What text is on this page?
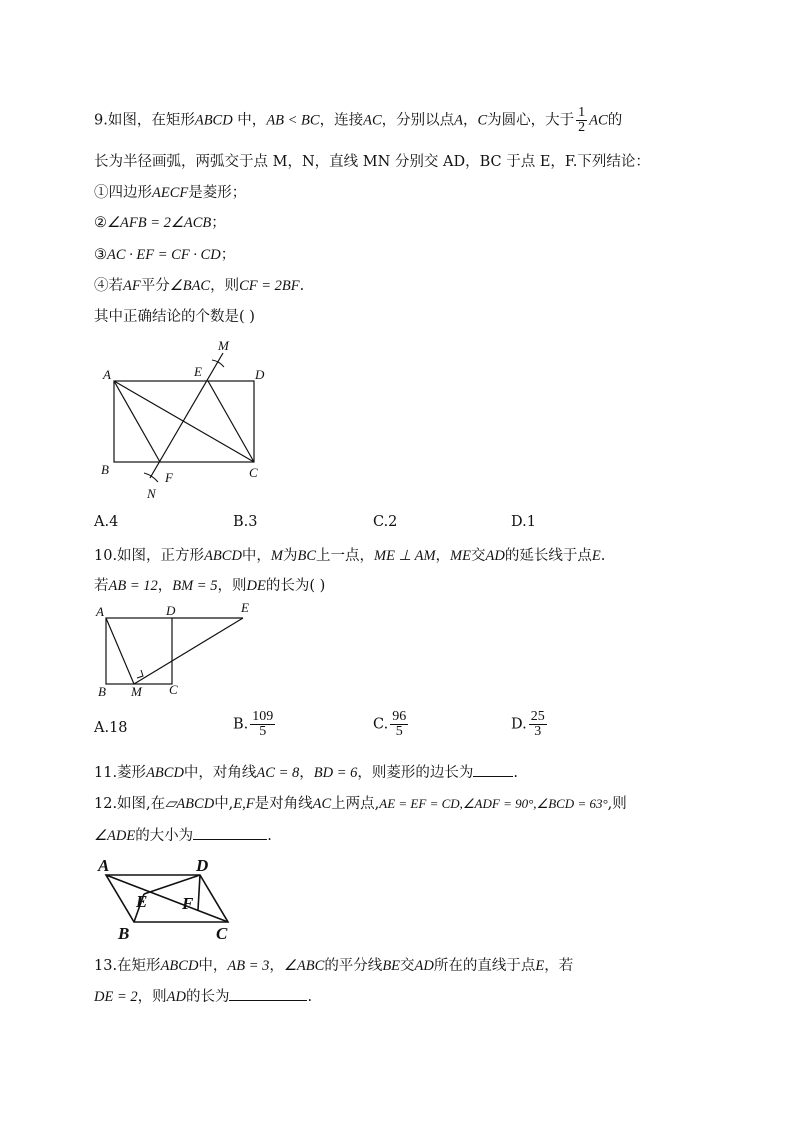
9.如图，在矩形ABCD 中，AB < BC，连接AC，分别以点A，C为圆心，大于 $\frac{1}{2}$ AC的
长为半径画弧，两弧交于点 M，N，直线 MN 分别交 AD，BC 于点 E，F.下列结论：
①四边形AECF是菱形；
②∠AFB = 2∠ACB；
③AC · EF = CF · CD；
④若AF平分∠BAC，则CF = 2BF.
其中正确结论的个数是( )
M
A	E	D
B
F	C
N
A.4	B.3	C.2	D.1
10.如图，正方形ABCD中，M为BC上一点，ME ⊥ AM，ME交AD的延长线于点E.
若AB = 12，BM = 5，则DE的长为( )
A	D	E
B M C
A.18	B. $\frac{109}{5}$	C. $\frac{96}{5}$	D. $\frac{25}{3}$
11.菱形ABCD中，对角线AC = 8，BD = 6，则菱形的边长为	.
12.如图,在▱ABCD中,E,F是对角线AC上两点,AE = EF = CD,∠ADF = 90°,∠BCD = 63°,则
∠ADE的大小为	.
A	D
E F
B	C
13.在矩形ABCD中，AB = 3，∠ABC的平分线BE交AD所在的直线于点E，若
DE = 2，则AD的长为	.
